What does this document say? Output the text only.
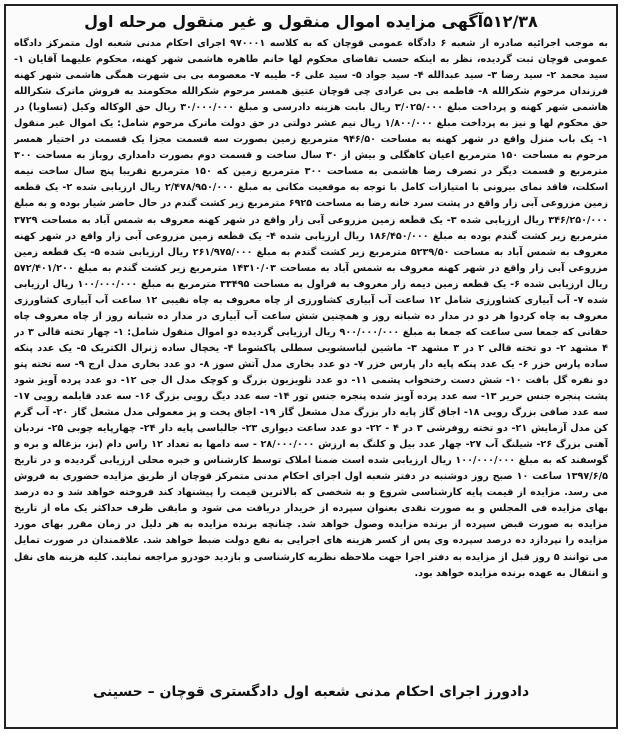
۵۱۲/۳۸آگهی مزایده اموال منقول و غیر منقول مرحله اول

به موجب اجرائیه صادره از شعبه ۶ دادگاه عمومی قوچان که به کلاسه ۹۷۰۰۰۱ اجرای احکام مدنی شعبه اول متمرکز دادگاه عمومی قوچان ثبت گردیده، نظر به اینکه حسب تقاضای محکوم لها خانم طاهره هاشمی شهر کهنه، محکوم علیهما آقایان ۱- سید محمد ۲- سید رضا ۳- سید عبدالله ۴- سید جواد ۵- سید علی ۶- طیبه ۷- معصومه بی بی شهرت همگی هاشمی شهر کهنه فرزندان مرحوم شکرالله ۸- فاطمه بی بی عرادی چی قوچان عتیق همسر مرحوم شکرالله محکومند به فروش ماترک شکرالله هاشمی شهر کهنه و پرداخت مبلغ ۳/۰۲۵/۰۰۰ ریال بابت هزینه دادرسی و مبلغ ۳۰/۰۰۰/۰۰۰ ریال حق الوکاله وکیل (تساویا) در حق محکوم لها و نیز به پرداخت مبلغ ۱/۸۰۰/۰۰۰ ریال نیم عشر دولتی در حق دولت ماترک مرحوم شامل: یک اموال غیر منقول ۱- یک باب منزل واقع در شهر کهنه به مساحت ۹۴۶/۵۰ مترمربع زمین بصورت سه قسمت مجزا یک قسمت در اختیار همسر مرحوم به مساحت ۱۵۰ مترمربع اعیان کاهگلی و بیش از ۳۰ سال ساخت و قسمت دوم بصورت دامداری روباز به مساحت ۳۰۰ مترمربع و قسمت دیگر در تصرف رضا هاشمی به مساحت ۳۰۰ مترمربع زمین که ۱۵۰ مترمربع تقریبا پنج سال ساخت نیمه اسکلت، فاقد نمای بیرونی با امتیازات کامل با توجه به موقعیت مکانی به مبلغ ۲/۴۷۸/۹۵۰/۰۰۰ ریال ارزیابی شده ۲- یک قطعه زمین مزروعی آبی زار واقع در پشت سرد خانه رضا به مساحت ۶۹۲۵ مترمربع زیر کشت گندم در حال حاضر شیار بوده و به مبلغ ۳۴۶/۲۵۰/۰۰۰ ریال ارزیابی شده ۳- یک قطعه زمین مزروعی آبی زار واقع در شهر کهنه معروف به شمس آباد به مساحت ۳۷۲۹ مترمربع زیر کشت گندم بوده به مبلغ ۱۸۶/۴۵۰/۰۰۰ ریال ارزیابی شده ۴- یک قطعه زمین مزروعی آبی زار واقع در شهر کهنه معروف به شمس آباد به مساحت ۵۲۳۹/۵۰ مترمربع زیر کشت گندم به مبلغ ۲۶۱/۹۷۵/۰۰۰ ریال ارزیابی شده ۵- یک قطعه زمین مزروعی آبی زار واقع در شهر کهنه معروف به شمس آباد به مساحت ۱۴۳۱۰/۰۳ مترمربع زیر کشت گندم به مبلغ ۵۷۲/۴۰۱/۲۰۰ ریال ارزیابی شده ۶- یک قطعه زمین دیمه زار معروف به فراول به مساحت ۳۳۴۹۵ مترمربع به مبلغ ۱۰۰/۰۰۰/۰۰۰ ریال ارزیابی شده ۷- آب آبیاری کشاورزی شامل ۱۲ ساعت آب آبیاری کشاورزی از چاه معروف به چاه نقیبی ۱۲ ساعت آب آبیاری کشاورزی معروف به چاه کردوا هر دو در مدار ده شبانه روز و همچنین شش ساعت آب آبیاری در مدار ده شبانه روز از چاه معروف چاه حقانی که جمعا سی ساعت که جمعا به مبلغ ۹۰۰/۰۰۰/۰۰۰ ریال ارزیابی گردیده دو اموال منقول شامل: ۱- چهار تخته قالی ۳ در ۴ مشهد ۲- دو تخته قالی ۲ در ۳ مشهد ۳- ماشین لباسشویی سطلی پاکشوما ۴- یخچال ساده ژنرال الکتریک ۵- یک عدد پنکه ساده پارس خزر ۶- یک عدد پنکه پایه دار پارس خزر ۷- دو عدد بخاری مدل آتش سوز ۸- دو عدد بخاری مدل ارج ۹- سه تخته پتو دو نفره گل بافت ۱۰- شش دست رختخواب پشمی ۱۱- دو عدد تلویزیون بزرگ و کوچک مدل ال جی ۱۲- دو عدد پرده آویز شود پشت پنجره جنس حریر ۱۳- سه عدد پرده آویز شده پنجره جنس تور ۱۴- سه عدد دیگ رویی بزرگ ۱۶- سه عدد قابلمه رویی ۱۷- سه عدد صافی بزرگ رویی ۱۸- اجاق گاز پایه دار بزرگ مدل مشعل گاز ۱۹- اجاق پخت و پز معمولی مدل مشعل گاز ۲۰- آب گرم کن مدل آزمایش ۲۱- دو تخته روفرشی ۳ در ۴ - ۲۲- دو عدد ساعت دیواری ۲۳- جالباسی پایه دار ۲۴- چهارپایه چوبی ۲۵- نردبان آهنی بزرگ ۲۶- شیلنگ آب ۲۷- چهار عدد بیل و کلنگ به ارزش ۲۸/۰۰۰/۰۰۰ - سه دامها به تعداد ۱۲ راس دام (بز، بزغاله و بره و گوسفند که به مبلغ ۱۰۰/۰۰۰/۰۰۰ ریال ارزیابی شده است ضمنا املاک توسط کارشناس و خبره محلی ارزیابی گردیده و در تاریخ ۱۳۹۷/۶/۵ ساعت ۱۰ صبح روز دوشنبه در دفتر شعبه اول اجرای احکام مدنی متمرکز قوچان از طریق مزایده حضوری به فروش می رسد. مزایده از قیمت پایه کارشناسی شروع و به شخصی که بالاترین قیمت را پیشنهاد کند فروخته خواهد شد و ده درصد بهای مزایده فی المجلس و به صورت نقدی بعنوان سپرده از خریدار دریافت می شود و مابقی ظرف حداکثر یک ماه از تاریخ مزایده به صورت قبض سپرده از برنده مزایده وصول خواهد شد. چنانچه برنده مزایده به هر دلیل در زمان مقرر بهای مورد مزایده را نپردازد ده درصد سپرده وی پس از کسر هزینه های اجرایی به نفع دولت ضبط خواهد شد. علاقمندان در صورت تمایل می توانند ۵ روز قبل از مزایده به دفتر اجرا جهت ملاحظه نظریه کارشناسی و بازدید خودرو مراجعه نمایند. کلیه هزینه های نقل و انتقال به عهده برنده مزایده خواهد بود.

دادورز اجرای احکام مدنی شعبه اول دادگستری قوچان – حسینی
